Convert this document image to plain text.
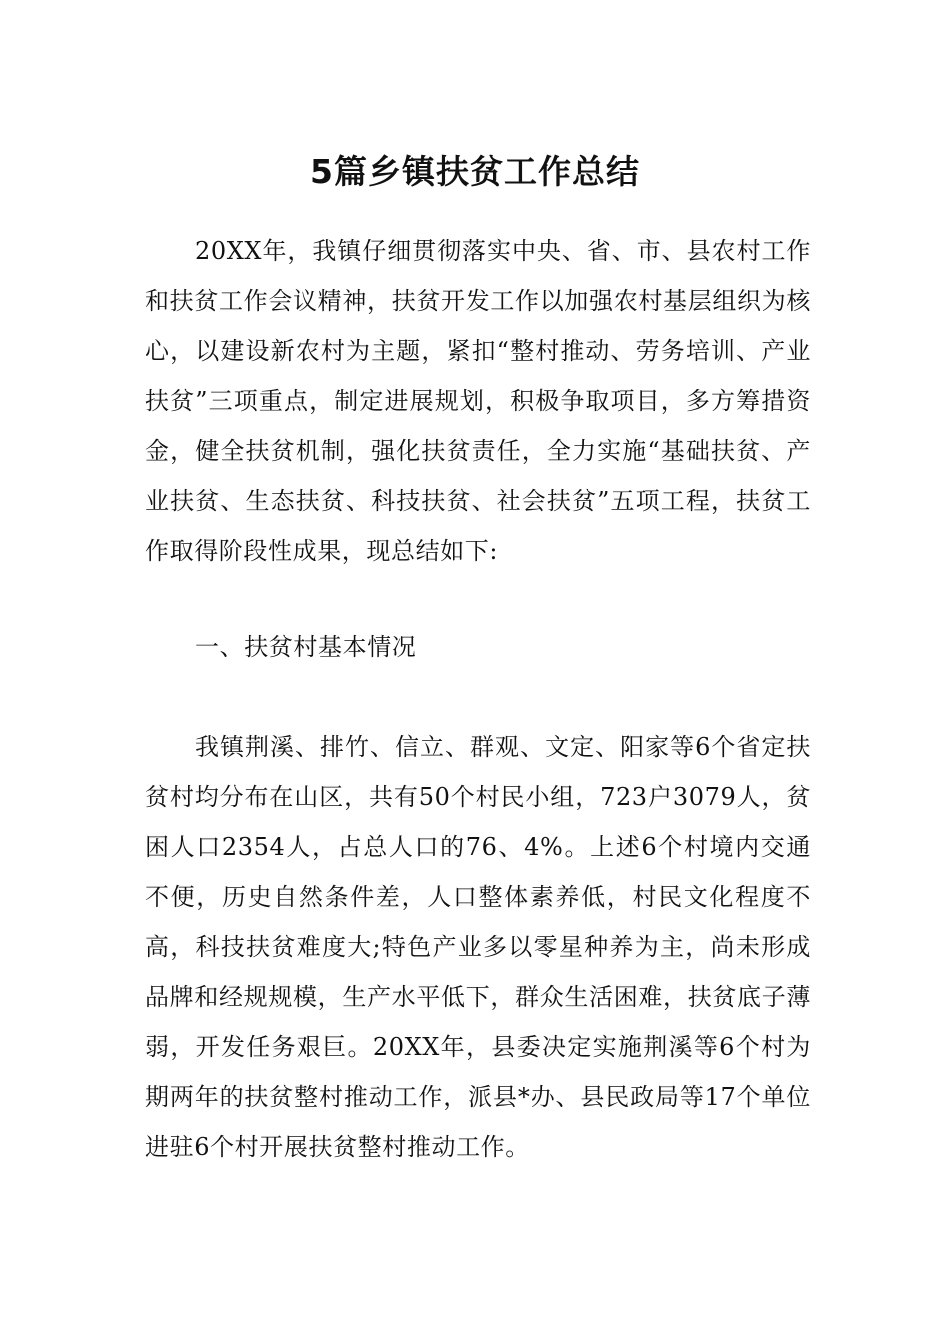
5篇乡镇扶贫工作总结

20XX年，我镇仔细贯彻落实中央、省、市、县农村工作和扶贫工作会议精神，扶贫开发工作以加强农村基层组织为核心，以建设新农村为主题，紧扣“整村推动、劳务培训、产业扶贫”三项重点，制定进展规划，积极争取项目，多方筹措资金，健全扶贫机制，强化扶贫责任，全力实施“基础扶贫、产业扶贫、生态扶贫、科技扶贫、社会扶贫”五项工程，扶贫工作取得阶段性成果，现总结如下:

一、扶贫村基本情况

我镇荆溪、排竹、信立、群观、文定、阳家等6个省定扶贫村均分布在山区，共有50个村民小组，723户3079人，贫困人口2354人，占总人口的76、4%。上述6个村境内交通不便，历史自然条件差，人口整体素养低，村民文化程度不高，科技扶贫难度大;特色产业多以零星种养为主，尚未形成品牌和经规规模，生产水平低下，群众生活困难，扶贫底子薄弱，开发任务艰巨。20XX年，县委决定实施荆溪等6个村为期两年的扶贫整村推动工作，派县*办、县民政局等17个单位进驻6个村开展扶贫整村推动工作。
